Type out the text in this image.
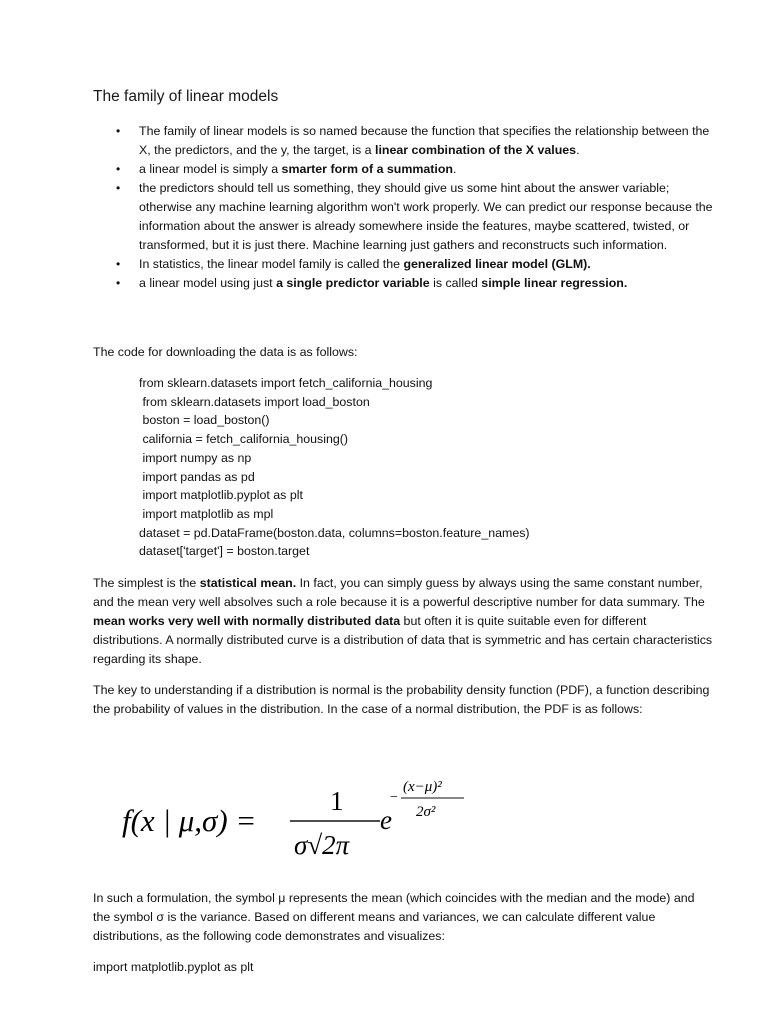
The family of linear models
• The family of linear models is so named because the function that specifies the relationship between the X, the predictors, and the y, the target, is a linear combination of the X values.
• a linear model is simply a smarter form of a summation.
• the predictors should tell us something, they should give us some hint about the answer variable; otherwise any machine learning algorithm won't work properly. We can predict our response because the information about the answer is already somewhere inside the features, maybe scattered, twisted, or transformed, but it is just there. Machine learning just gathers and reconstructs such information.
• In statistics, the linear model family is called the generalized linear model (GLM).
• a linear model using just a single predictor variable is called simple linear regression.

The code for downloading the data is as follows:

from sklearn.datasets import fetch_california_housing
from sklearn.datasets import load_boston
boston = load_boston()
california = fetch_california_housing()
import numpy as np
import pandas as pd
import matplotlib.pyplot as plt
import matplotlib as mpl
dataset = pd.DataFrame(boston.data, columns=boston.feature_names)
dataset['target'] = boston.target

The simplest is the statistical mean. In fact, you can simply guess by always using the same constant number, and the mean very well absolves such a role because it is a powerful descriptive number for data summary. The mean works very well with normally distributed data but often it is quite suitable even for different distributions. A normally distributed curve is a distribution of data that is symmetric and has certain characteristics regarding its shape.

The key to understanding if a distribution is normal is the probability density function (PDF), a function describing the probability of values in the distribution. In the case of a normal distribution, the PDF is as follows:

f(x | μ,σ) =
1
σ√2π
e
−
(x−μ)²
2σ²

In such a formulation, the symbol μ represents the mean (which coincides with the median and the mode) and the symbol σ is the variance. Based on different means and variances, we can calculate different value distributions, as the following code demonstrates and visualizes:

import matplotlib.pyplot as plt
